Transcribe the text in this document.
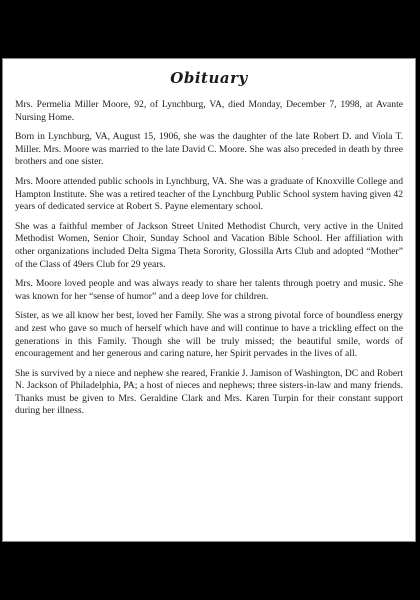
Obituary

Mrs. Permelia Miller Moore, 92, of Lynchburg, VA, died Monday, December 7, 1998, at Avante Nursing Home.

Born in Lynchburg, VA, August 15, 1906, she was the daughter of the late Robert D. and Viola T. Miller. Mrs. Moore was married to the late David C. Moore. She was also preceded in death by three brothers and one sister.

Mrs. Moore attended public schools in Lynchburg, VA. She was a graduate of Knoxville College and Hampton Institute. She was a retired teacher of the Lynchburg Public School system having given 42 years of dedicated service at Robert S. Payne elementary school.

She was a faithful member of Jackson Street United Methodist Church, very active in the United Methodist Women, Senior Choir, Sunday School and Vacation Bible School. Her affiliation with other organizations included Delta Sigma Theta Sorority, Glossilla Arts Club and adopted “Mother” of the Class of 49ers Club for 29 years.

Mrs. Moore loved people and was always ready to share her talents through poetry and music. She was known for her “sense of humor” and a deep love for children.

Sister, as we all know her best, loved her Family. She was a strong pivotal force of boundless energy and zest who gave so much of herself which have and will continue to have a trickling effect on the generations in this Family. Though she will be truly missed; the beautiful smile, words of encouragement and her generous and caring nature, her Spirit pervades in the lives of all.

She is survived by a niece and nephew she reared, Frankie J. Jamison of Washington, DC and Robert N. Jackson of Philadelphia, PA; a host of nieces and nephews; three sisters-in-law and many friends. Thanks must be given to Mrs. Geraldine Clark and Mrs. Karen Turpin for their constant support during her illness.
